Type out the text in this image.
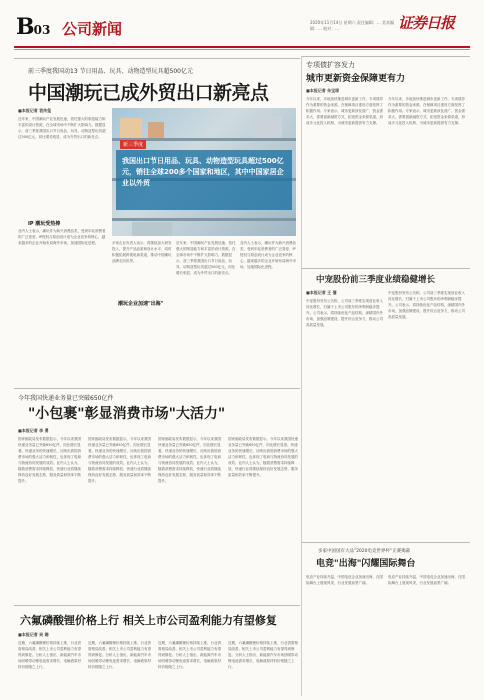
B03 公司新闻	2020年11月14日 星期六 责任编辑：... 美术编辑：... 校对：...	证券日报
前三季度我国动13 节日用品、玩具、动物造型玩具超500亿元
中国潮玩已成外贸出口新亮点
■本报记者 袁传玺
近年来，中国潮玩产业发展迅速，依托强大的制造能力和丰富的设计资源，在全球市场中不断扩大影响力。数据显示，前三季度我国出口节日用品、玩具、动物造型玩具超过500亿元，同比增长明显，成为外贸出口的新亮点。
IP 潮玩受热捧
业内人士表示，潮玩作为新兴消费品类，受到年轻消费者的广泛喜爱，IP授权与原创设计成为企业竞争的核心，越来越多的企业开始布局海外市场，加速国际化进程。
新三季度
我国出口节日用品、玩具、动物造型玩具超过500亿元，销往全球200多个国家和地区，其中中国家居企业以外贸
多家企业负责人表示，将继续加大研发投入，提升产品品质和设计水平，同时积极拓展跨境电商渠道，推动中国潮玩品牌走向世界。
潮玩企业加速"出海"
近年来，中国潮玩产业发展迅速，依托强大的制造能力和丰富的设计资源，在全球市场中不断扩大影响力。数据显示，前三季度我国出口节日用品、玩具、动物造型玩具超过500亿元，同比增长明显，成为外贸出口的新亮点。
业内人士表示，潮玩作为新兴消费品类，受到年轻消费者的广泛喜爱，IP授权与原创设计成为企业竞争的核心，越来越多的企业开始布局海外市场，加速国际化进程。
专项债扩容发力
城市更新资金保障更有力
■本报记者 朱宝琛
今年以来，多地加快推进城市更新工作，专项债券作为重要的资金来源，在保障项目建设方面发挥了积极作用。专家表示，城市更新涉及面广、资金需求大，需要创新融资方式，拓宽资金来源渠道，形成多元化投入机制，为城市更新提供有力支撑。
今年以来，多地加快推进城市更新工作，专项债券作为重要的资金来源，在保障项目建设方面发挥了积极作用。专家表示，城市更新涉及面广、资金需求大，需要创新融资方式，拓宽资金来源渠道，形成多元化投入机制，为城市更新提供有力支撑。
中宠股份前三季度业绩稳健增长
■本报记者 王 僖
中宠股份发布公告称，公司前三季度实现营业收入同比增长，归属于上市公司股东的净利润稳步提升。公司表示，将持续优化产品结构，深耕国内外市场，加强品牌建设，提升综合竞争力，推动公司高质量发展。
中宠股份发布公告称，公司前三季度实现营业收入同比增长，归属于上市公司股东的净利润稳步提升。公司表示，将持续优化产品结构，深耕国内外市场，加强品牌建设，提升综合竞争力，推动公司高质量发展。
多家中国国有大品"2020电竞世界杯"正赛揭幕
电竞"出海"闪耀国际舞台
电竞产业持续升温，中国电竞企业加速出海，在国际舞台上展现风采，行业发展前景广阔。
电竞产业持续升温，中国电竞企业加速出海，在国际舞台上展现风采，行业发展前景广阔。
今年我国快递业务量已突破650亿件
"小包裹"彰显消费市场"大活力"
■本报记者 李 勇
国家邮政局发布数据显示，今年以来我国快递业务量已突破650亿件，同比增长显著。快递业务的快速增长，反映出我国消费市场的强大活力和韧性，也体现了电商与物流协同发展的成效。业内人士认为，随着消费需求持续释放，快递行业将继续保持良好发展态势，服务质量和效率不断提升。
国家邮政局发布数据显示，今年以来我国快递业务量已突破650亿件，同比增长显著。快递业务的快速增长，反映出我国消费市场的强大活力和韧性，也体现了电商与物流协同发展的成效。业内人士认为，随着消费需求持续释放，快递行业将继续保持良好发展态势，服务质量和效率不断提升。
国家邮政局发布数据显示，今年以来我国快递业务量已突破650亿件，同比增长显著。快递业务的快速增长，反映出我国消费市场的强大活力和韧性，也体现了电商与物流协同发展的成效。业内人士认为，随着消费需求持续释放，快递行业将继续保持良好发展态势，服务质量和效率不断提升。
国家邮政局发布数据显示，今年以来我国快递业务量已突破650亿件，同比增长显著。快递业务的快速增长，反映出我国消费市场的强大活力和韧性，也体现了电商与物流协同发展的成效。业内人士认为，随着消费需求持续释放，快递行业将继续保持良好发展态势，服务质量和效率不断提升。
六氟磷酸锂价格上行 相关上市公司盈利能力有望修复
■本报记者 吴 珊
近期，六氟磷酸锂价格持续上涨，行业供需格局改善，相关上市公司盈利能力有望得到修复。分析人士指出，新能源汽车市场回暖带动锂电池需求增长，电解液原材料价格随之上行。
近期，六氟磷酸锂价格持续上涨，行业供需格局改善，相关上市公司盈利能力有望得到修复。分析人士指出，新能源汽车市场回暖带动锂电池需求增长，电解液原材料价格随之上行。
近期，六氟磷酸锂价格持续上涨，行业供需格局改善，相关上市公司盈利能力有望得到修复。分析人士指出，新能源汽车市场回暖带动锂电池需求增长，电解液原材料价格随之上行。
近期，六氟磷酸锂价格持续上涨，行业供需格局改善，相关上市公司盈利能力有望得到修复。分析人士指出，新能源汽车市场回暖带动锂电池需求增长，电解液原材料价格随之上行。
